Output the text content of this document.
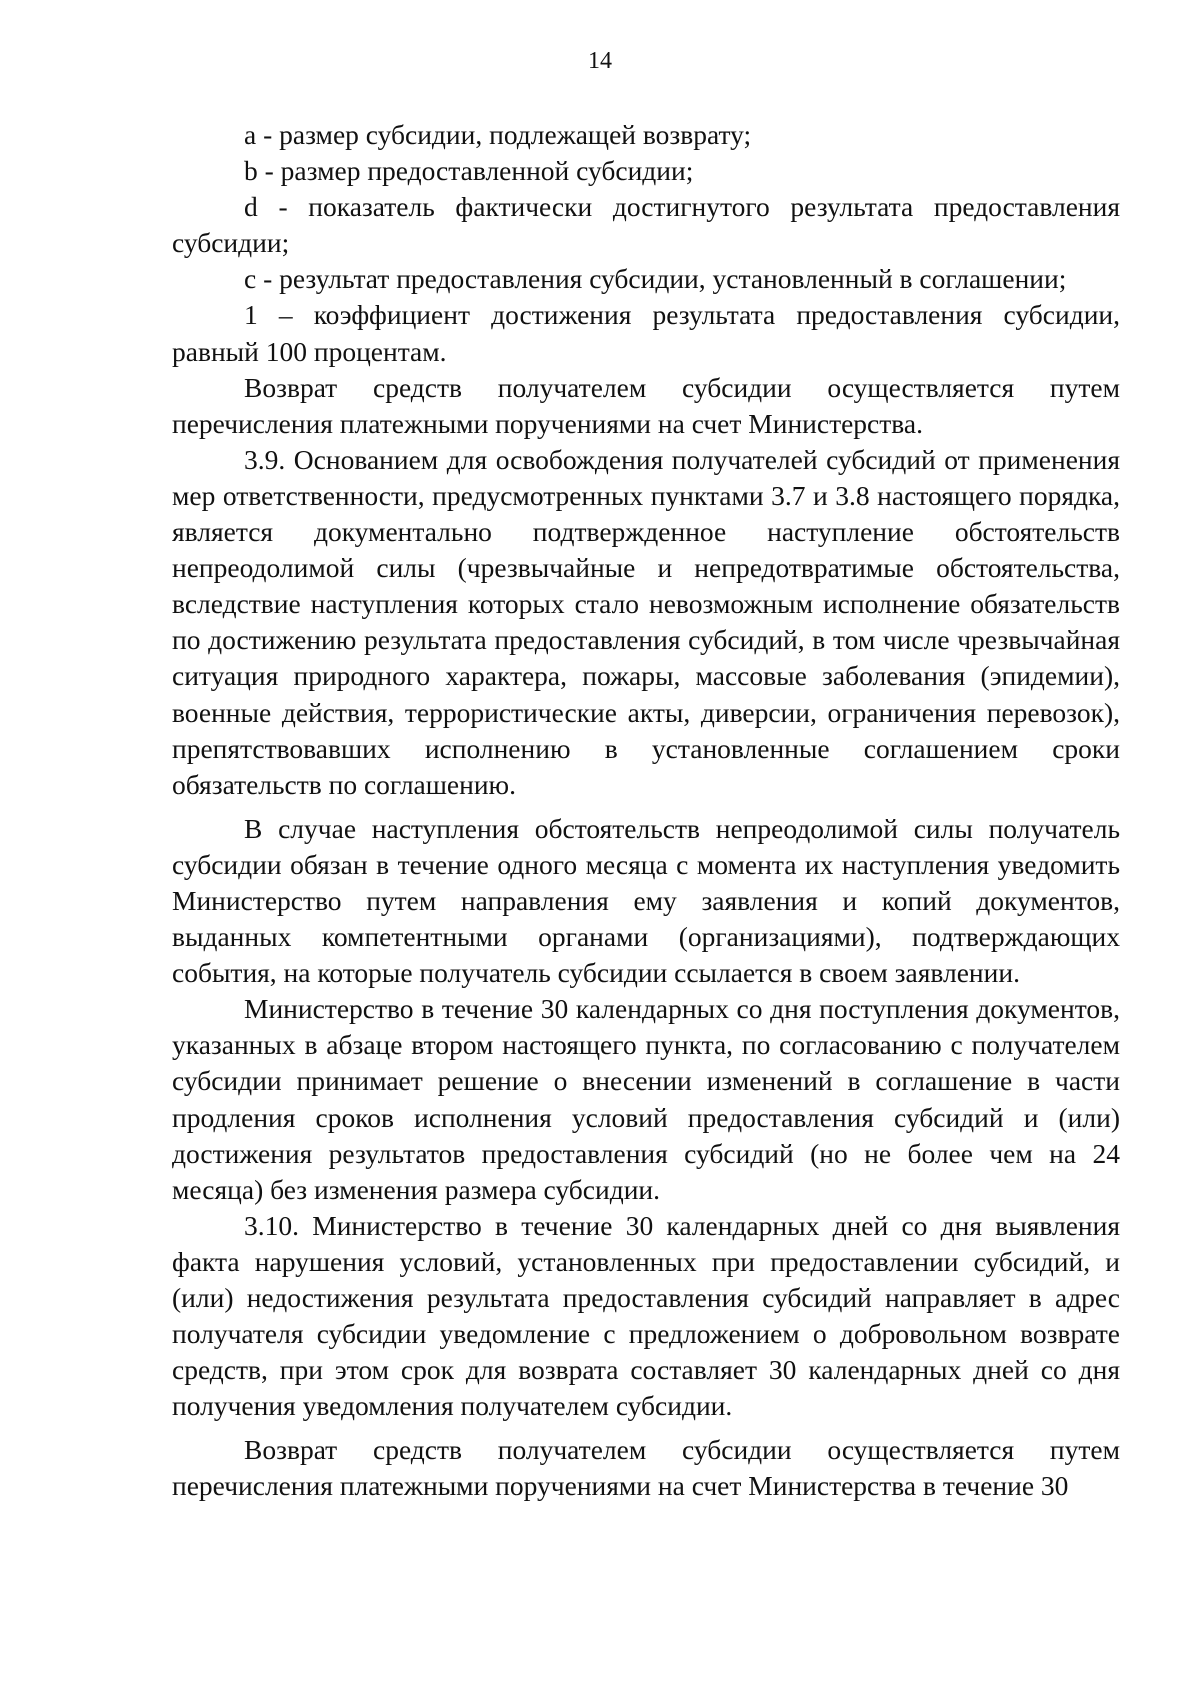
14

a - размер субсидии, подлежащей возврату;

b - размер предоставленной субсидии;

d - показатель фактически достигнутого результата предоставления субсидии;

c - результат предоставления субсидии, установленный в соглашении;

1 – коэффициент достижения результата предоставления субсидии, равный 100 процентам.

Возврат средств получателем субсидии осуществляется путем перечисления платежными поручениями на счет Министерства.

3.9. Основанием для освобождения получателей субсидий от применения мер ответственности, предусмотренных пунктами 3.7 и 3.8 настоящего порядка, является документально подтвержденное наступление обстоятельств непреодолимой силы (чрезвычайные и непредотвратимые обстоятельства, вследствие наступления которых стало невозможным исполнение обязательств по достижению результата предоставления субсидий, в том числе чрезвычайная ситуация природного характера, пожары, массовые заболевания (эпидемии), военные действия, террористические акты, диверсии, ограничения перевозок), препятствовавших исполнению в установленные соглашением сроки обязательств по соглашению.

В случае наступления обстоятельств непреодолимой силы получатель субсидии обязан в течение одного месяца с момента их наступления уведомить Министерство путем направления ему заявления и копий документов, выданных компетентными органами (организациями), подтверждающих события, на которые получатель субсидии ссылается в своем заявлении.

Министерство в течение 30 календарных со дня поступления документов, указанных в абзаце втором настоящего пункта, по согласованию с получателем субсидии принимает решение о внесении изменений в соглашение в части продления сроков исполнения условий предоставления субсидий и (или) достижения результатов предоставления субсидий (но не более чем на 24 месяца) без изменения размера субсидии.

3.10. Министерство в течение 30 календарных дней со дня выявления факта нарушения условий, установленных при предоставлении субсидий, и (или) недостижения результата предоставления субсидий направляет в адрес получателя субсидии уведомление с предложением о добровольном возврате средств, при этом срок для возврата составляет 30 календарных дней со дня получения уведомления получателем субсидии.

Возврат средств получателем субсидии осуществляется путем перечисления платежными поручениями на счет Министерства в течение 30
